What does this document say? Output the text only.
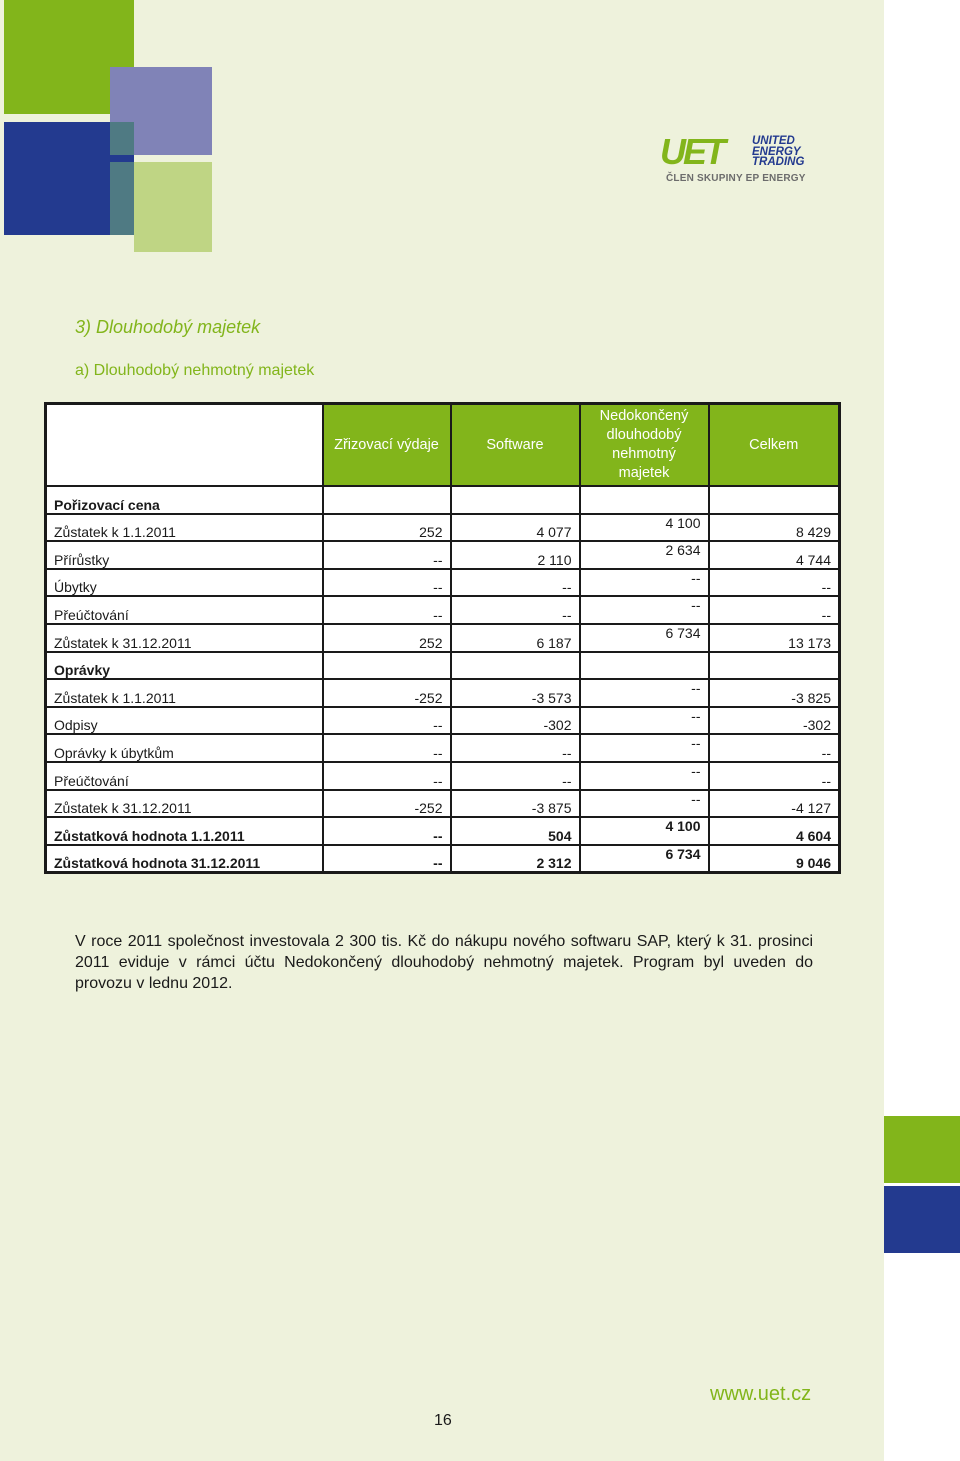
UET	UNITED ENERGY TRADING
ČLEN SKUPINY EP ENERGY
3) Dlouhodobý majetek
a) Dlouhodobý nehmotný majetek
	Zřizovací výdaje	Software	Nedokončený dlouhodobý nehmotný majetek	Celkem
Pořizovací cena				
Zůstatek k 1.1.2011	252	4 077	4 100	8 429
Přírůstky	--	2 110	2 634	4 744
Úbytky	--	--	--	--
Přeúčtování	--	--	--	--
Zůstatek k 31.12.2011	252	6 187	6 734	13 173
Oprávky				
Zůstatek k 1.1.2011	-252	-3 573	--	-3 825
Odpisy	--	-302	--	-302
Oprávky k úbytkům	--	--	--	--
Přeúčtování	--	--	--	--
Zůstatek k 31.12.2011	-252	-3 875	--	-4 127
Zůstatková hodnota 1.1.2011	--	504	4 100	4 604
Zůstatková hodnota 31.12.2011	--	2 312	6 734	9 046
V roce 2011 společnost investovala 2 300 tis. Kč do nákupu nového softwaru SAP, který k 31. prosinci 2011 eviduje v rámci účtu Nedokončený dlouhodobý nehmotný majetek. Program byl uveden do provozu v lednu 2012.
16
www.uet.cz
